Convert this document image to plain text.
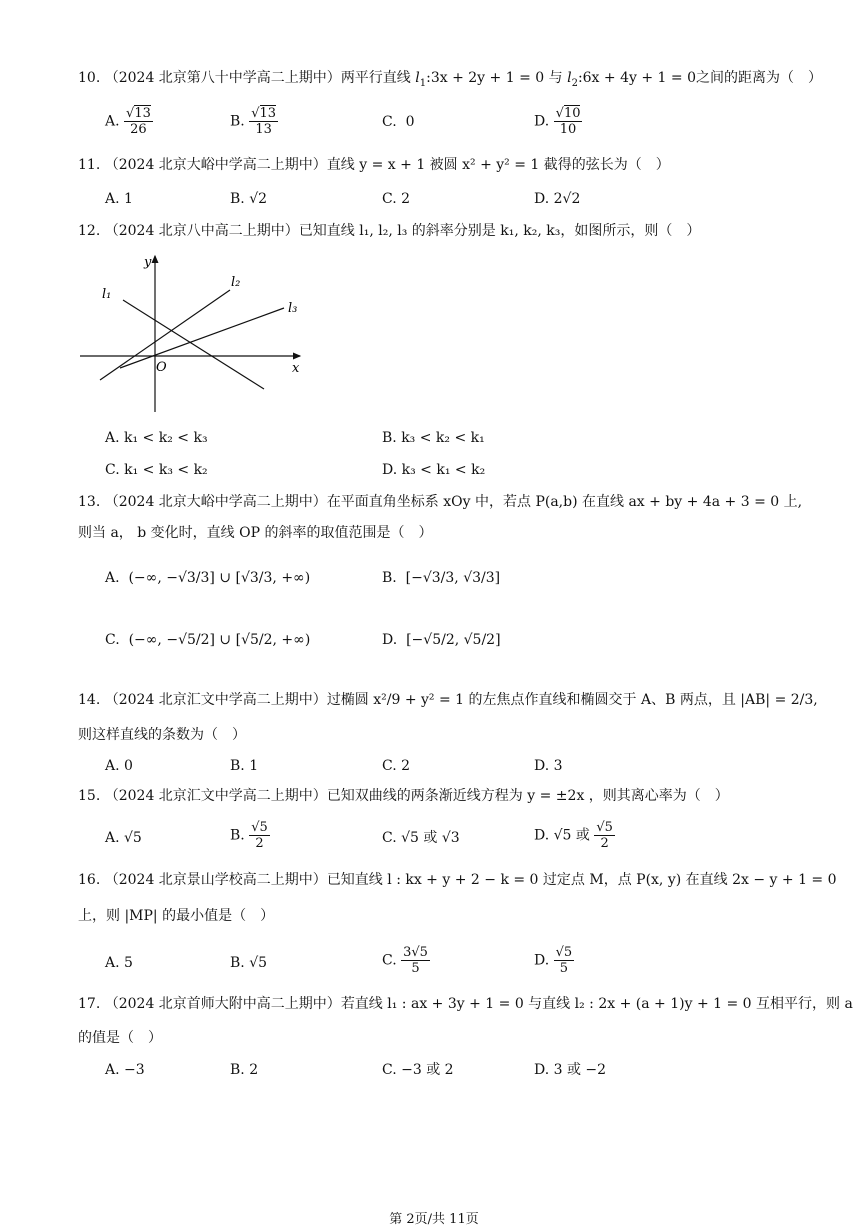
10. （2024 北京第八十中学高二上期中）两平行直线 $l_1:3x + 2y + 1 = 0$ 与 $l_2:6x + 4y + 1 = 0$之间的距离为（　）
A. $\frac{√13}{26}$	B. $\frac{√13}{13}$	C. 0	D. $\frac{√10}{10}$
11. （2024 北京大峪中学高二上期中）直线 y = x + 1 被圆 x² + y² = 1 截得的弦长为（　）
A. 1	B. √2	C. 2	D. 2√2
12. （2024 北京八中高二上期中）已知直线 l₁, l₂, l₃ 的斜率分别是 k₁, k₂, k₃，如图所示，则（　）
y
x
O
l₁
l₂
l₃
A. k₁ < k₂ < k₃	B. k₃ < k₂ < k₁
C. k₁ < k₃ < k₂	D. k₃ < k₁ < k₂
13. （2024 北京大峪中学高二上期中）在平面直角坐标系 xOy 中，若点 P(a,b) 在直线 ax + by + 4a + 3 = 0 上,
则当 a， b 变化时，直线 OP 的斜率的取值范围是（　）
A. (−∞, −√3/3] ∪ [√3/3, +∞)	B. [−√3/3, √3/3]
C. (−∞, −√5/2] ∪ [√5/2, +∞)	D. [−√5/2, √5/2]
14. （2024 北京汇文中学高二上期中）过椭圆 x²/9 + y² = 1 的左焦点作直线和椭圆交于 A、B 两点，且 |AB| = 2/3,
则这样直线的条数为（　）
A. 0	B. 1	C. 2	D. 3
15. （2024 北京汇文中学高二上期中）已知双曲线的两条渐近线方程为 y = ±2x ，则其离心率为（　）
A. √5	B. $\frac{√5}{2}$	C. √5 或 √3	D. √5 或 $\frac{√5}{2}$
16. （2024 北京景山学校高二上期中）已知直线 l : kx + y + 2 − k = 0 过定点 M，点 P(x, y) 在直线 2x − y + 1 = 0
上，则 |MP| 的最小值是（　）
A. 5	B. √5	C. $\frac{3√5}{5}$	D. $\frac{√5}{5}$
17. （2024 北京首师大附中高二上期中）若直线 l₁ : ax + 3y + 1 = 0 与直线 l₂ : 2x + (a + 1)y + 1 = 0 互相平行，则 a
的值是（　）
A. −3	B. 2	C. −3 或 2	D. 3 或 −2
第 2页/共 11页
